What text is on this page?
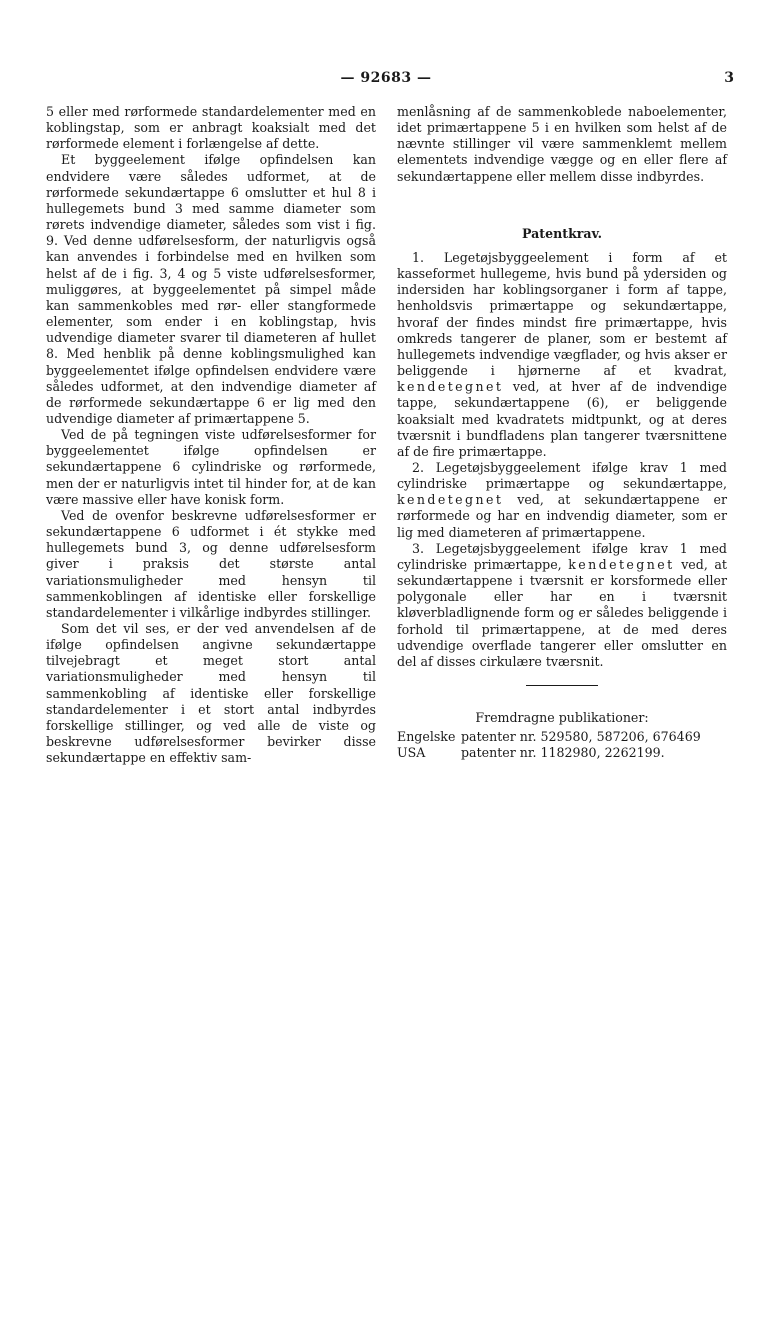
— 92683 —	3

5 eller med rørformede standardelementer med en koblingstap, som er anbragt koaksialt med det rørformede element i forlængelse af dette.

Et byggeelement ifølge opfindelsen kan endvidere være således udformet, at de rørformede sekundærtappe 6 omslutter et hul 8 i hullegemets bund 3 med samme diameter som rørets indvendige diameter, således som vist i fig. 9. Ved denne udførelsesform, der naturligvis også kan anvendes i forbindelse med en hvilken som helst af de i fig. 3, 4 og 5 viste udførelsesformer, muliggøres, at byggeelementet på simpel måde kan sammenkobles med rør- eller stangformede elementer, som ender i en koblingstap, hvis udvendige diameter svarer til diameteren af hullet 8. Med henblik på denne koblingsmulighed kan byggeelementet ifølge opfindelsen endvidere være således udformet, at den indvendige diameter af de rørformede sekundærtappe 6 er lig med den udvendige diameter af primærtappene 5.

Ved de på tegningen viste udførelsesformer for byggeelementet ifølge opfindelsen er sekundærtappene 6 cylindriske og rørformede, men der er naturligvis intet til hinder for, at de kan være massive eller have konisk form.

Ved de ovenfor beskrevne udførelsesformer er sekundærtappene 6 udformet i ét stykke med hullegemets bund 3, og denne udførelsesform giver i praksis det største antal variationsmuligheder med hensyn til sammenkoblingen af identiske eller forskellige standardelementer i vilkårlige indbyrdes stillinger.

Som det vil ses, er der ved anvendelsen af de ifølge opfindelsen angivne sekundærtappe tilvejebragt et meget stort antal variationsmuligheder med hensyn til sammenkobling af identiske eller forskellige standardelementer i et stort antal indbyrdes forskellige stillinger, og ved alle de viste og beskrevne udførelsesformer bevirker disse sekundærtappe en effektiv sam-

menlåsning af de sammenkoblede naboelementer, idet primærtappene 5 i en hvilken som helst af de nævnte stillinger vil være sammenklemt mellem elementets indvendige vægge og en eller flere af sekundærtappene eller mellem disse indbyrdes.

Patentkrav.

1. Legetøjsbyggeelement i form af et kasseformet hullegeme, hvis bund på ydersiden og indersiden har koblingsorganer i form af tappe, henholdsvis primærtappe og sekundærtappe, hvoraf der findes mindst fire primærtappe, hvis omkreds tangerer de planer, som er bestemt af hullegemets indvendige vægflader, og hvis akser er beliggende i hjørnerne af et kvadrat, kendetegnet ved, at hver af de indvendige tappe, sekundærtappene (6), er beliggende koaksialt med kvadratets midtpunkt, og at deres tværsnit i bundfladens plan tangerer tværsnittene af de fire primærtappe.

2. Legetøjsbyggeelement ifølge krav 1 med cylindriske primærtappe og sekundærtappe, kendetegnet ved, at sekundærtappene er rørformede og har en indvendig diameter, som er lig med diameteren af primærtappene.

3. Legetøjsbyggeelement ifølge krav 1 med cylindriske primærtappe, kendetegnet ved, at sekundærtappene i tværsnit er korsformede eller polygonale eller har en i tværsnit kløverbladlignende form og er således beliggende i forhold til primærtappene, at de med deres udvendige overflade tangerer eller omslutter en del af disses cirkulære tværsnit.

Fremdragne publikationer:
Engelske patenter nr. 529580, 587206, 676469
USA	patenter nr. 1182980, 2262199.
